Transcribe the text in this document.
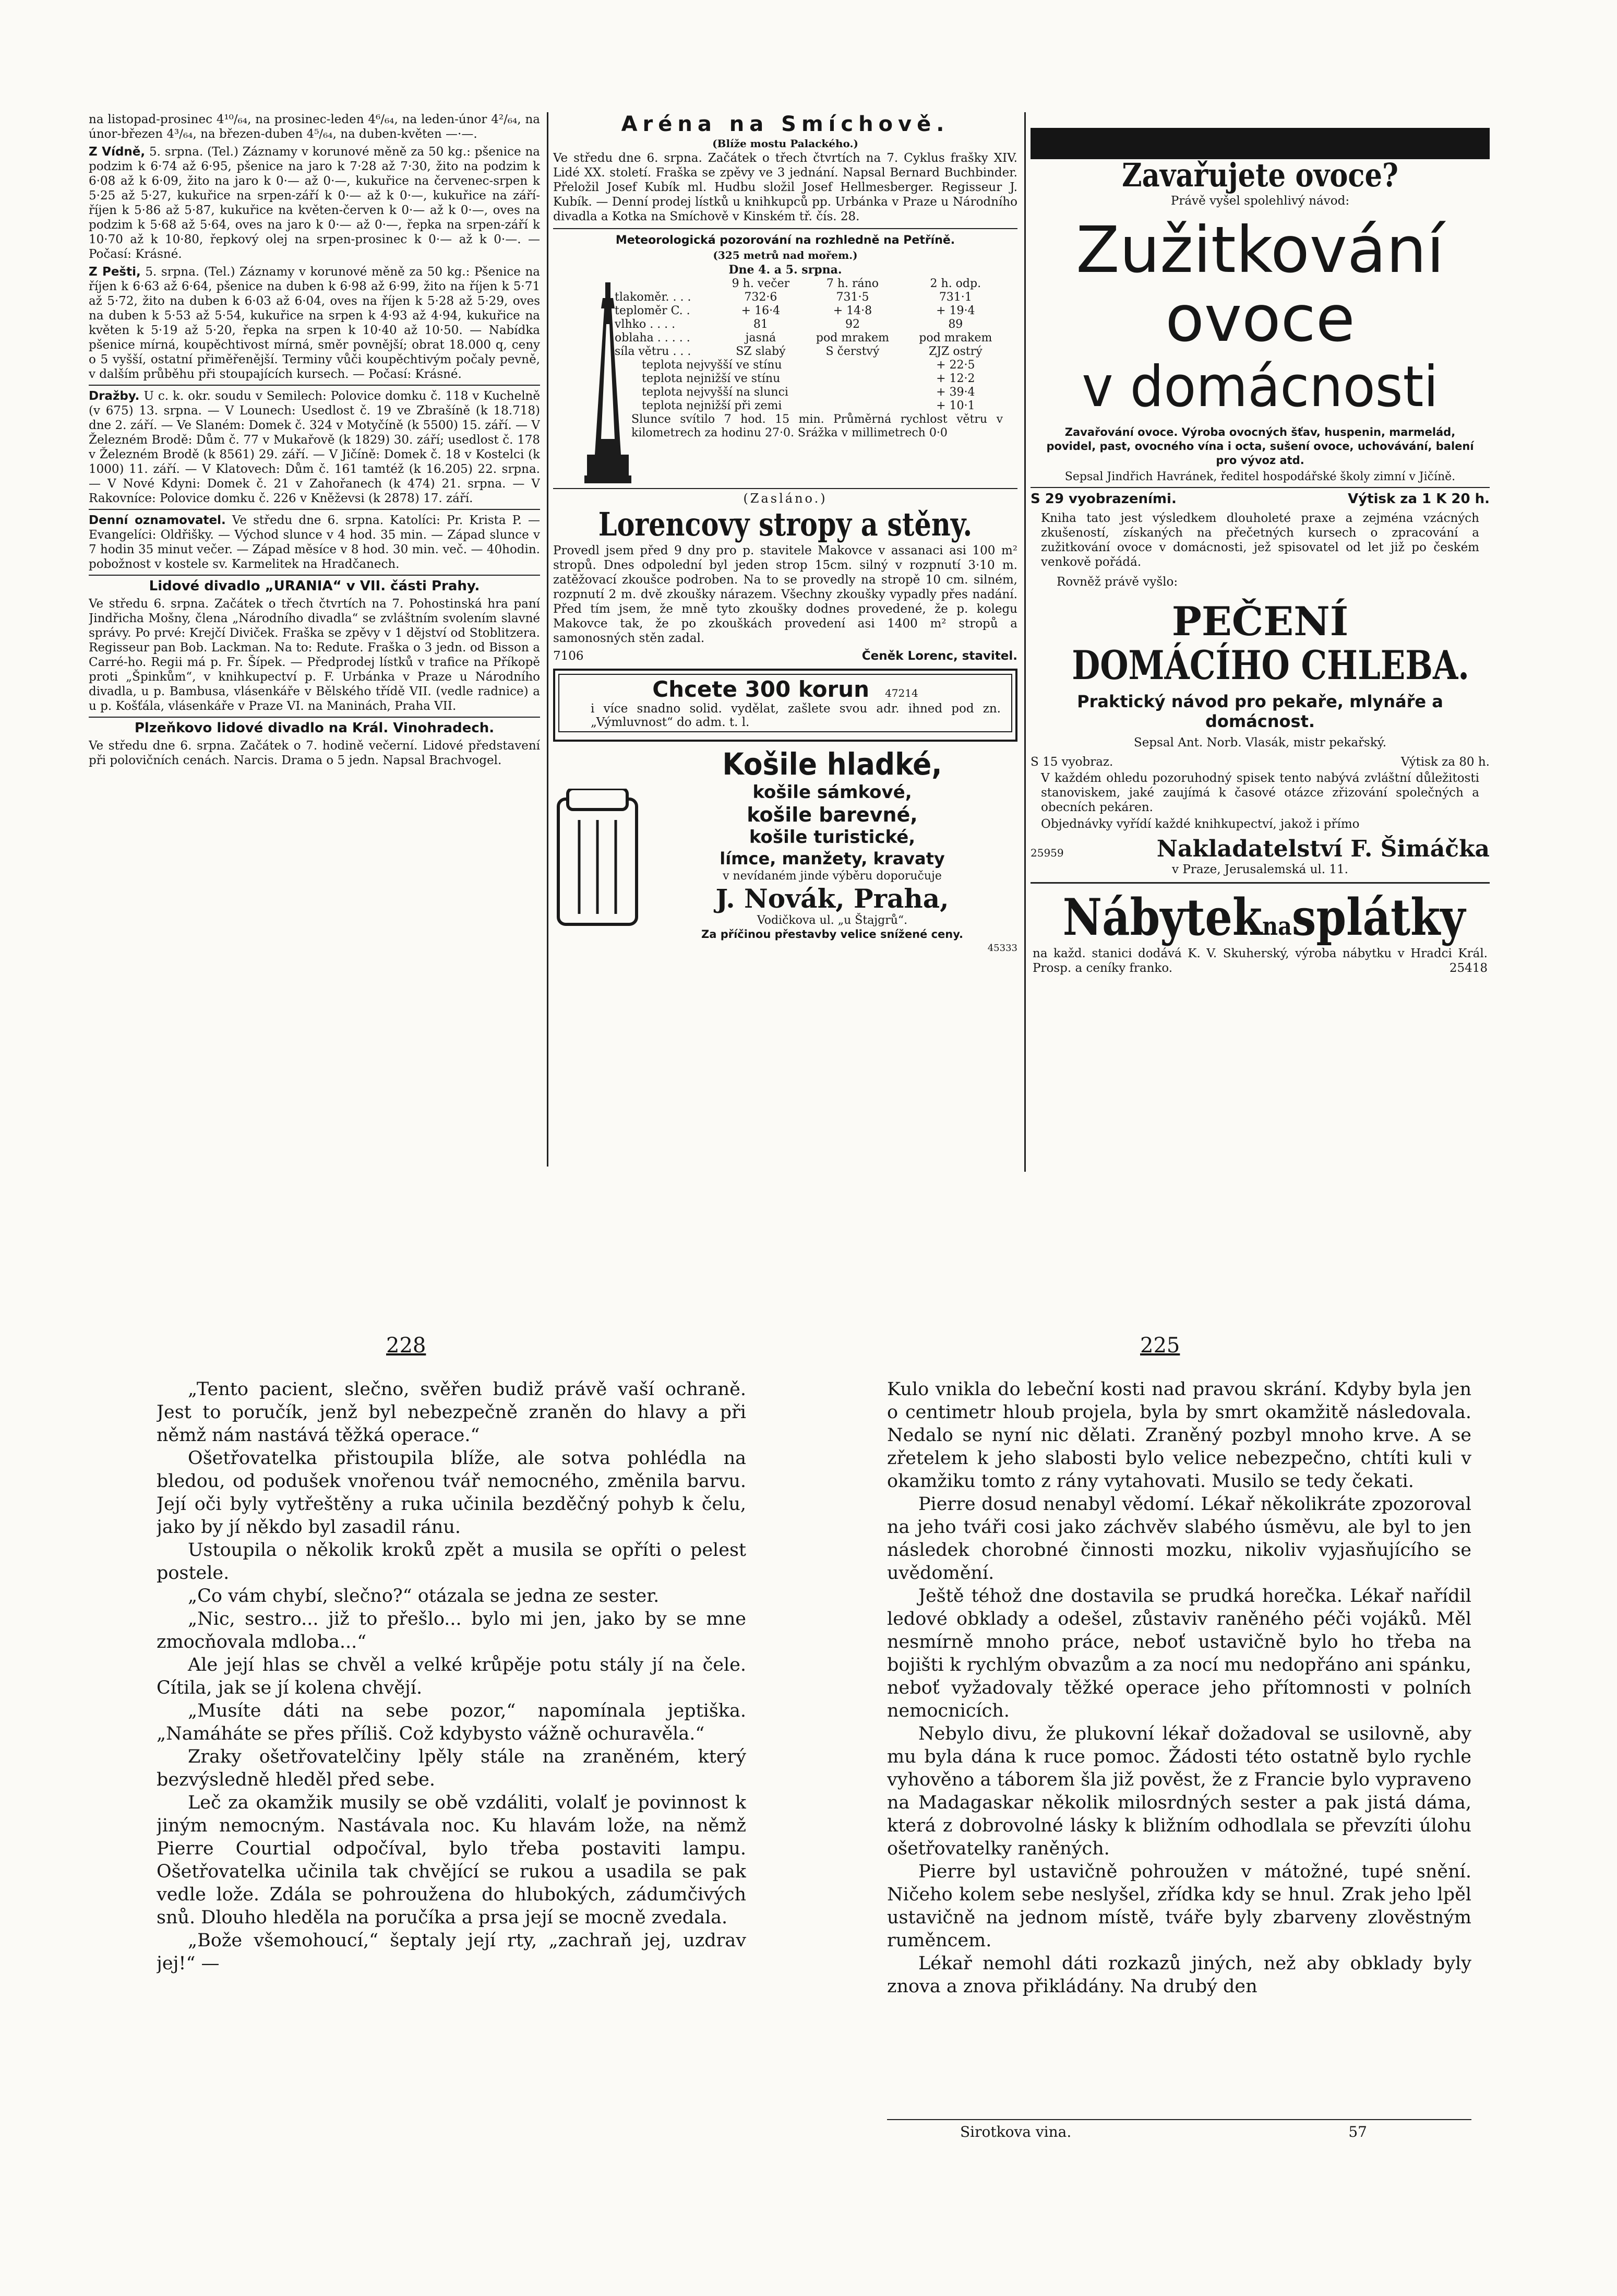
na listopad-prosinec 4¹⁰/₆₄, na prosinec-leden 4⁶/₆₄, na leden-únor 4²/₆₄, na únor-březen 4³/₆₄, na březen-duben 4⁵/₆₄, na duben-květen —·—.

Z Vídně, 5. srpna. (Tel.) Záznamy v korunové měně za 50 kg.: pšenice na podzim k 6·74 až 6·95, pšenice na jaro k 7·28 až 7·30, žito na podzim k 6·08 až k 6·09, žito na jaro k 0·— až 0·—, kukuřice na červenec-srpen k 5·25 až 5·27, kukuřice na srpen-září k 0·— až k 0·—, kukuřice na září-říjen k 5·86 až 5·87, kukuřice na květen-červen k 0·— až k 0·—, oves na podzim k 5·68 až 5·64, oves na jaro k 0·— až 0·—, řepka na srpen-září k 10·70 až k 10·80, řepkový olej na srpen-prosinec k 0·— až k 0·—. — Počasí: Krásné.

Z Pešti, 5. srpna. (Tel.) Záznamy v korunové měně za 50 kg.: Pšenice na říjen k 6·63 až 6·64, pšenice na duben k 6·98 až 6·99, žito na říjen k 5·71 až 5·72, žito na duben k 6·03 až 6·04, oves na říjen k 5·28 až 5·29, oves na duben k 5·53 až 5·54, kukuřice na srpen k 4·93 až 4·94, kukuřice na květen k 5·19 až 5·20, řepka na srpen k 10·40 až 10·50. — Nabídka pšenice mírná, koupěchtivost mírná, směr povnější; obrat 18.000 q, ceny o 5 vyšší, ostatní přiměřenější. Terminy vůči koupěchtivým počaly pevně, v dalším průběhu při stoupajících kursech. — Počasí: Krásné.

Dražby. U c. k. okr. soudu v Semilech: Polovice domku č. 118 v Kuchelně (v 675) 13. srpna. — V Lounech: Usedlost č. 19 ve Zbrašíně (k 18.718) dne 2. září. — Ve Slaném: Domek č. 324 v Motyčíně (k 5500) 15. září. — V Železném Brodě: Dům č. 77 v Mukařově (k 1829) 30. září; usedlost č. 178 v Železném Brodě (k 8561) 29. září. — V Jičíně: Domek č. 18 v Kostelci (k 1000) 11. září. — V Klatovech: Dům č. 161 tamtéž (k 16.205) 22. srpna. — V Nové Kdyni: Domek č. 21 v Zahořanech (k 474) 21. srpna. — V Rakovníce: Polovice domku č. 226 v Kněževsi (k 2878) 17. září.

Denní oznamovatel. Ve středu dne 6. srpna. Katolíci: Pr. Krista P. — Evangelíci: Oldřišky. — Východ slunce v 4 hod. 35 min. — Západ slunce v 7 hodin 35 minut večer. — Západ měsíce v 8 hod. 30 min. več. — 40hodin. pobožnost v kostele sv. Karmelitek na Hradčanech.

Lidové divadlo „URANIA“ v VII. části Prahy.

Ve středu 6. srpna. Začátek o třech čtvrtích na 7. Pohostinská hra paní Jindřicha Mošny, člena „Národního divadla“ se zvláštním svolením slavné správy. Po prvé: Krejčí Diviček. Fraška se zpěvy v 1 dějství od Stoblitzera. Regisseur pan Bob. Lackman. Na to: Redute. Fraška o 3 jedn. od Bisson a Carré-ho. Regii má p. Fr. Šípek. — Předprodej lístků v trafice na Příkopě proti „Špinkům“, v knihkupectví p. F. Urbánka v Praze u Národního divadla, u p. Bambusa, vlásenkáře v Bělského třídě VII. (vedle radnice) a u p. Košťála, vlásenkáře v Praze VI. na Maninách, Praha VII.

Plzeňkovo lidové divadlo na Král. Vinohradech.

Ve středu dne 6. srpna. Začátek o 7. hodině večerní. Lidové představení při polovičních cenách. Narcis. Drama o 5 jedn. Napsal Brachvogel.

Aréna na Smíchově.
(Blíže mostu Palackého.)

Ve středu dne 6. srpna. Začátek o třech čtvrtích na 7. Cyklus frašky XIV. Lidé XX. století. Fraška se zpěvy ve 3 jednání. Napsal Bernard Buchbinder. Přeložil Josef Kubík ml. Hudbu složil Josef Hellmesberger. Regisseur J. Kubík. — Denní prodej lístků u knihkupců pp. Urbánka v Praze u Národního divadla a Kotka na Smíchově v Kinském tř. čís. 28.

Meteorologická pozorování na rozhledně na Petříně.
(325 metrů nad mořem.)
Dne 4. a 5. srpna.
	9 h. večer	7 h. ráno	2 h. odp.
tlakoměr. . . .	732·6	731·5	731·1
teploměr C. .	+ 16·4	+ 14·8	+ 19·4
vlhko . . . .	81	92	89
oblaha . . . . .	jasná	pod mrakem	pod mrakem
síla větru . . .	SZ slabý	S čerstvý	ZJZ ostrý
teplota nejvyšší ve stínu			+ 22·5
teplota nejnižší ve stínu			+ 12·2
teplota nejvyšší na slunci			+ 39·4
teplota nejnižší při zemi			+ 10·1
Slunce svítilo 7 hod. 15 min. Průměrná rychlost větru v kilometrech za hodinu 27·0. Srážka v millimetrech 0·0			
(Zasláno.)
Lorencovy stropy a stěny.

Provedl jsem před 9 dny pro p. stavitele Makovce v assanaci asi 100 m² stropů. Dnes odpolední byl jeden strop 15cm. silný v rozpnutí 3·10 m. zatěžovací zkoušce podroben. Na to se provedly na stropě 10 cm. silném, rozpnutí 2 m. dvě zkoušky nárazem. Všechny zkoušky vypadly přes nadání. Před tím jsem, že mně tyto zkoušky dodnes provedené, že p. kolegu Makovce tak, že po zkouškách provedení asi 1400 m² stropů a samonosných stěn zadal.

7106	Čeněk Lorenc, stavitel.
Chcete 300 korun 47214
i více snadno solid. vydělat, zašlete svou adr. ihned pod zn. „Výmluvnost“ do adm. t. l.
Košile hladké,
košile sámkové,
košile barevné,
košile turistické,
límce, manžety, kravaty
v nevídaném jinde výběru doporučuje
J. Novák, Praha,
Vodičkova ul. „u Štajgrů“.
Za příčinou přestavby velice snížené ceny.
45333
Zavařujete ovoce?
Právě vyšel spolehlivý návod:
Zužitkování
ovoce
v domácnosti
Zavařování ovoce. Výroba ovocných šťav, huspenin, marmelád, povidel, past, ovocného vína i octa, sušení ovoce, uchovávání, balení pro vývoz atd.
Sepsal Jindřich Havránek, ředitel hospodářské školy zimní v Jičíně.
S 29 vyobrazeními.	Výtisk za 1 K 20 h.
Kniha tato jest výsledkem dlouholeté praxe a zejména vzácných zkušeností, získaných na přečetných kursech o zpracování a zužitkování ovoce v domácnosti, jež spisovatel od let již po českém venkově pořádá.
Rovněž právě vyšlo:
PEČENÍ
DOMÁCÍHO CHLEBA.
Praktický návod pro pekaře, mlynáře a domácnost.
Sepsal Ant. Norb. Vlasák, mistr pekařský.
S 15 vyobraz.	Výtisk za 80 h.
V každém ohledu pozoruhodný spisek tento nabývá zvláštní důležitosti stanoviskem, jaké zaujímá k časové otázce zřizování společných a obecních pekáren.
Objednávky vyřídí každé knihkupectví, jakož i přímo
25959	Nakladatelství F. Šimáčka
v Praze, Jerusalemská ul. 11.
Nábyteknasplátky
na každ. stanici dodává K. V. Skuherský, výroba nábytku v Hradci Král. Prosp. a ceníky franko.	25418
228	225

„Tento pacient, slečno, svěřen budiž právě vaší ochraně. Jest to poručík, jenž byl nebezpečně zraněn do hlavy a při němž nám nastává těžká operace.“

Ošetřovatelka přistoupila blíže, ale sotva pohlédla na bledou, od podušek vnořenou tvář nemocného, změnila barvu. Její oči byly vytřeštěny a ruka učinila bezděčný pohyb k čelu, jako by jí někdo byl zasadil ránu.

Ustoupila o několik kroků zpět a musila se opříti o pelest postele.

„Co vám chybí, slečno?“ otázala se jedna ze sester.

„Nic, sestro... již to přešlo... bylo mi jen, jako by se mne zmocňovala mdloba...“

Ale její hlas se chvěl a velké krůpěje potu stály jí na čele. Cítila, jak se jí kolena chvějí.

„Musíte dáti na sebe pozor,“ napomínala jeptiška. „Namáháte se přes příliš. Což kdybysto vážně ochuravěla.“

Zraky ošetřovatelčiny lpěly stále na zraněném, který bezvýsledně hleděl před sebe.

Leč za okamžik musily se obě vzdáliti, volalť je povinnost k jiným nemocným. Nastávala noc. Ku hlavám lože, na němž Pierre Courtial odpočíval, bylo třeba postaviti lampu. Ošetřovatelka učinila tak chvějící se rukou a usadila se pak vedle lože. Zdála se pohroužena do hlubokých, zádumčivých snů. Dlouho hleděla na poručíka a prsa její se mocně zvedala.

„Bože všemohoucí,“ šeptaly její rty, „zachraň jej, uzdrav jej!“ —

Kulo vnikla do lebeční kosti nad pravou skrání. Kdyby byla jen o centimetr hloub projela, byla by smrt okamžitě následovala. Nedalo se nyní nic dělati. Zraněný pozbyl mnoho krve. A se zřetelem k jeho slabosti bylo velice nebezpečno, chtíti kuli v okamžiku tomto z rány vytahovati. Musilo se tedy čekati.

Pierre dosud nenabyl vědomí. Lékař několikráte zpozoroval na jeho tváři cosi jako záchvěv slabého úsměvu, ale byl to jen následek chorobné činnosti mozku, nikoliv vyjasňujícího se uvědomění.

Ještě téhož dne dostavila se prudká horečka. Lékař nařídil ledové obklady a odešel, zůstaviv raněného péči vojáků. Měl nesmírně mnoho práce, neboť ustavičně bylo ho třeba na bojišti k rychlým obvazům a za nocí mu nedopřáno ani spánku, neboť vyžadovaly těžké operace jeho přítomnosti v polních nemocnicích.

Nebylo divu, že plukovní lékař dožadoval se usilovně, aby mu byla dána k ruce pomoc. Žádosti této ostatně bylo rychle vyhověno a táborem šla již pověst, že z Francie bylo vypraveno na Madagaskar několik milosrdných sester a pak jistá dáma, která z dobrovolné lásky k bližním odhodlala se převzíti úlohu ošetřovatelky raněných.

Pierre byl ustavičně pohroužen v mátožné, tupé snění. Ničeho kolem sebe neslyšel, zřídka kdy se hnul. Zrak jeho lpěl ustavičně na jednom místě, tváře byly zbarveny zlověstným ruměncem.

Lékař nemohl dáti rozkazů jiných, než aby obklady byly znova a znova přikládány. Na drubý den

Sirotkova vina.	57
